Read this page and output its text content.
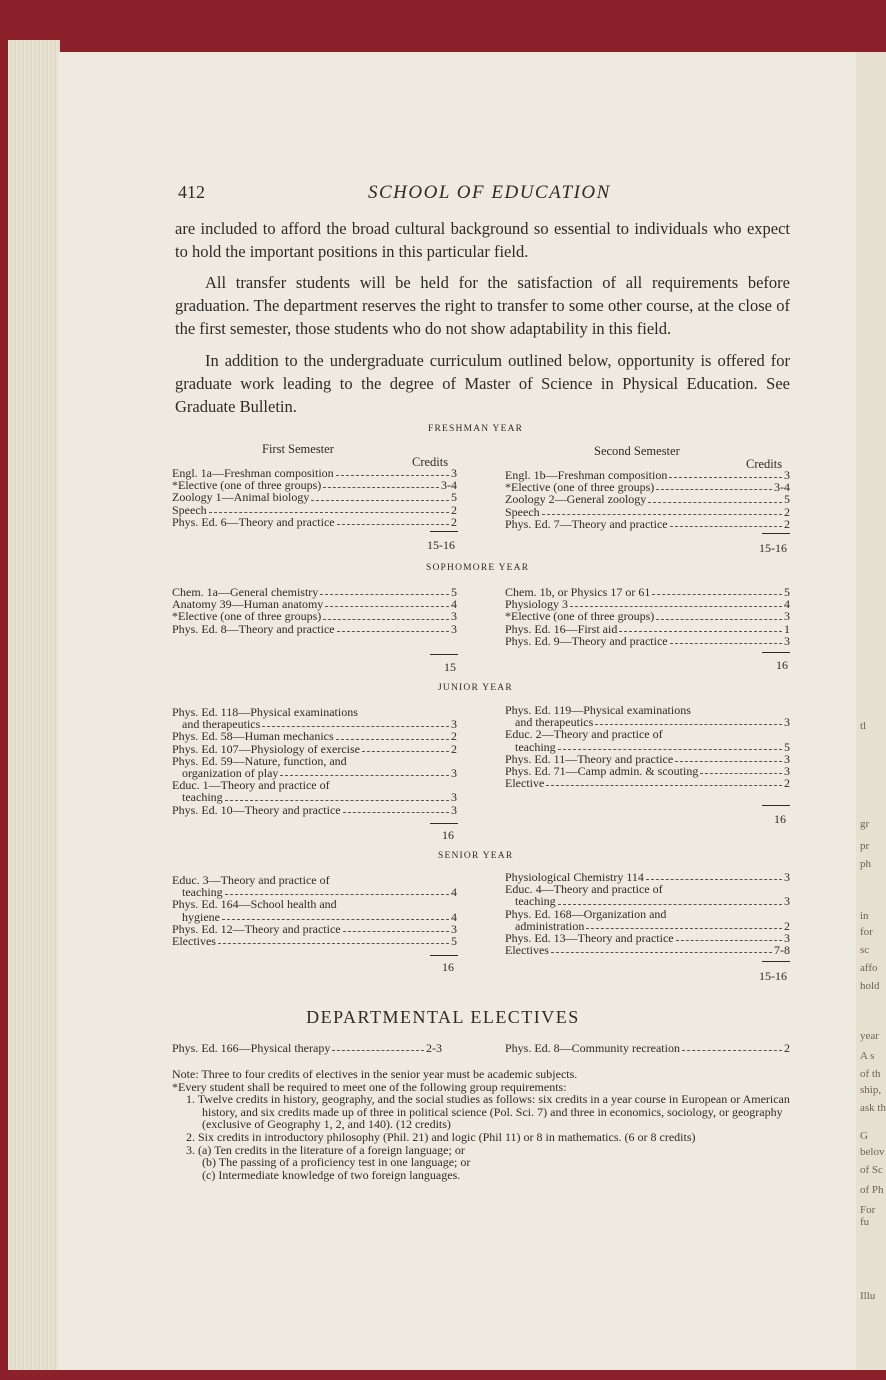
tl
gr
pr
ph
in
for
sc
affo
hold
year
A s
of th
ship,
ask th
G
belov
of Sc
of Ph
For fu
Illu
412	SCHOOL OF EDUCATION

are included to afford the broad cultural background so essential to individuals who expect to hold the important positions in this particular field.

All transfer students will be held for the satisfaction of all requirements before graduation. The department reserves the right to transfer to some other course, at the close of the first semester, those students who do not show adaptability in this field.

In addition to the undergraduate curriculum outlined below, opportunity is offered for graduate work leading to the degree of Master of Science in Physical Education. See Graduate Bulletin.

FRESHMAN YEAR
First Semester	Second Semester
Credits	Credits
Engl. 1a—Freshman composition	3
*Elective (one of three groups)	3-4
Zoology 1—Animal biology	5
Speech	2
Phys. Ed. 6—Theory and practice	2
Engl. 1b—Freshman composition	3
*Elective (one of three groups)	3-4
Zoology 2—General zoology	5
Speech	2
Phys. Ed. 7—Theory and practice	2
15-16	15-16
SOPHOMORE YEAR
Chem. 1a—General chemistry	5
Anatomy 39—Human anatomy	4
*Elective (one of three groups)	3
Phys. Ed. 8—Theory and practice	3
Chem. 1b, or Physics 17 or 61	5
Physiology 3	4
*Elective (one of three groups)	3
Phys. Ed. 16—First aid	1
Phys. Ed. 9—Theory and practice	3
15	16
JUNIOR YEAR
Phys. Ed. 118—Physical examinations
and therapeutics	3
Phys. Ed. 58—Human mechanics	2
Phys. Ed. 107—Physiology of exercise	2
Phys. Ed. 59—Nature, function, and
organization of play	3
Educ. 1—Theory and practice of
teaching	3
Phys. Ed. 10—Theory and practice	3
Phys. Ed. 119—Physical examinations
and therapeutics	3
Educ. 2—Theory and practice of
teaching	5
Phys. Ed. 11—Theory and practice	3
Phys. Ed. 71—Camp admin. & scouting	3
Elective	2
16
16
SENIOR YEAR
Educ. 3—Theory and practice of
teaching	4
Phys. Ed. 164—School health and
hygiene	4
Phys. Ed. 12—Theory and practice	3
Electives	5
Physiological Chemistry 114	3
Educ. 4—Theory and practice of
teaching	3
Phys. Ed. 168—Organization and
administration	2
Phys. Ed. 13—Theory and practice	3
Electives	7-8
16
15-16
DEPARTMENTAL ELECTIVES
Phys. Ed. 166—Physical therapy	2-3	Phys. Ed. 8—Community recreation	2
Note: Three to four credits of electives in the senior year must be academic subjects.
*Every student shall be required to meet one of the following group requirements:
1. Twelve credits in history, geography, and the social studies as follows: six credits in a year course in European or American history, and six credits made up of three in political science (Pol. Sci. 7) and three in economics, sociology, or geography (exclusive of Geography 1, 2, and 140). (12 credits)
2. Six credits in introductory philosophy (Phil. 21) and logic (Phil 11) or 8 in mathematics. (6 or 8 credits)
3. (a) Ten credits in the literature of a foreign language; or
(b) The passing of a proficiency test in one language; or
(c) Intermediate knowledge of two foreign languages.
